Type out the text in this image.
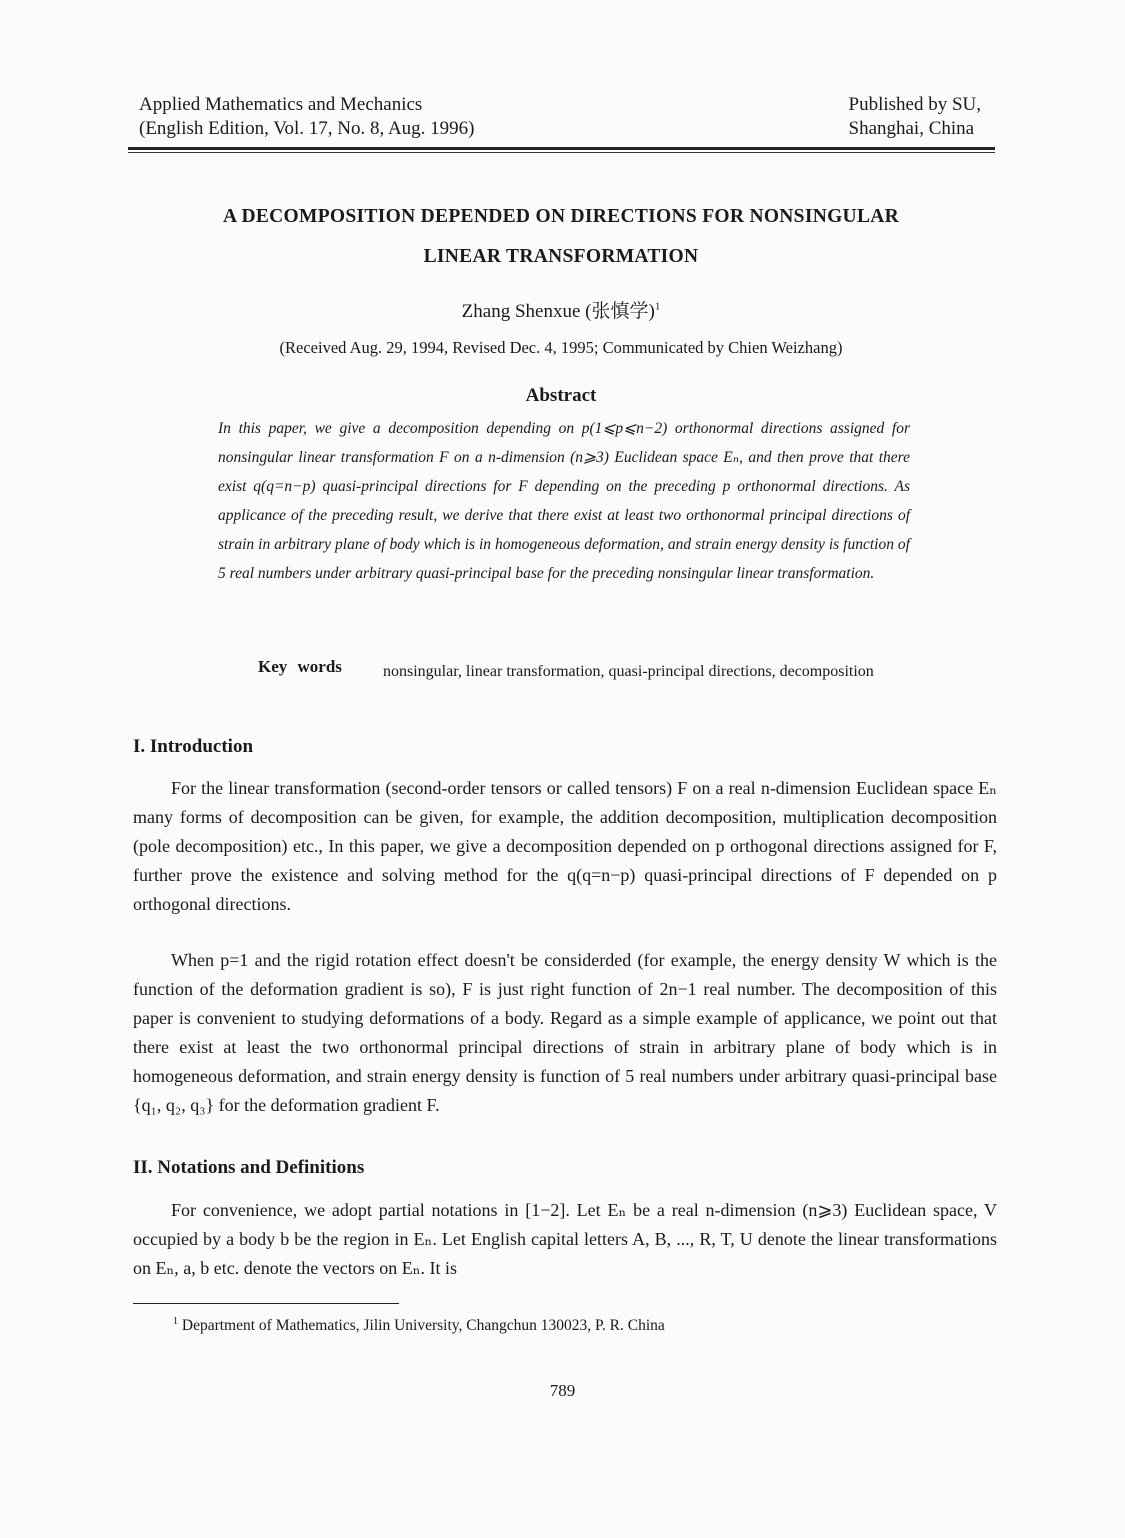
Applied Mathematics and Mechanics
(English Edition, Vol. 17, No. 8, Aug. 1996)
Published by SU,
Shanghai, China
A DECOMPOSITION DEPENDED ON DIRECTIONS FOR NONSINGULAR
LINEAR TRANSFORMATION
Zhang Shenxue (张慎学)$^1$
(Received Aug. 29, 1994, Revised Dec. 4, 1995; Communicated by Chien Weizhang)
Abstract
In this paper, we give a decomposition depending on p(1⩽p⩽n−2) orthonormal directions assigned for nonsingular linear transformation F on a n-dimension (n⩾3) Euclidean space Eₙ, and then prove that there exist q(q=n−p) quasi-principal directions for F depending on the preceding p orthonormal directions. As applicance of the preceding result, we derive that there exist at least two orthonormal principal directions of strain in arbitrary plane of body which is in homogeneous deformation, and strain energy density is function of 5 real numbers under arbitrary quasi-principal base for the preceding nonsingular linear transformation.
Key words	nonsingular, linear transformation, quasi-principal directions, decomposition
I. Introduction
For the linear transformation (second-order tensors or called tensors) F on a real n-dimension Euclidean space Eₙ many forms of decomposition can be given, for example, the addition decomposition, multiplication decomposition (pole decomposition) etc., In this paper, we give a decomposition depended on p orthogonal directions assigned for F, further prove the existence and solving method for the q(q=n−p) quasi-principal directions of F depended on p orthogonal directions.
When p=1 and the rigid rotation effect doesn't be considerded (for example, the energy density W which is the function of the deformation gradient is so), F is just right function of 2n−1 real number. The decomposition of this paper is convenient to studying deformations of a body. Regard as a simple example of applicance, we point out that there exist at least the two orthonormal principal directions of strain in arbitrary plane of body which is in homogeneous deformation, and strain energy density is function of 5 real numbers under arbitrary quasi-principal base {q₁, q₂, q₃} for the deformation gradient F.
II. Notations and Definitions
For convenience, we adopt partial notations in [1−2]. Let Eₙ be a real n-dimension (n⩾3) Euclidean space, V occupied by a body b be the region in Eₙ. Let English capital letters A, B, ..., R, T, U denote the linear transformations on Eₙ, a, b etc. denote the vectors on Eₙ. It is
$^1$ Department of Mathematics, Jilin University, Changchun 130023, P. R. China
789
